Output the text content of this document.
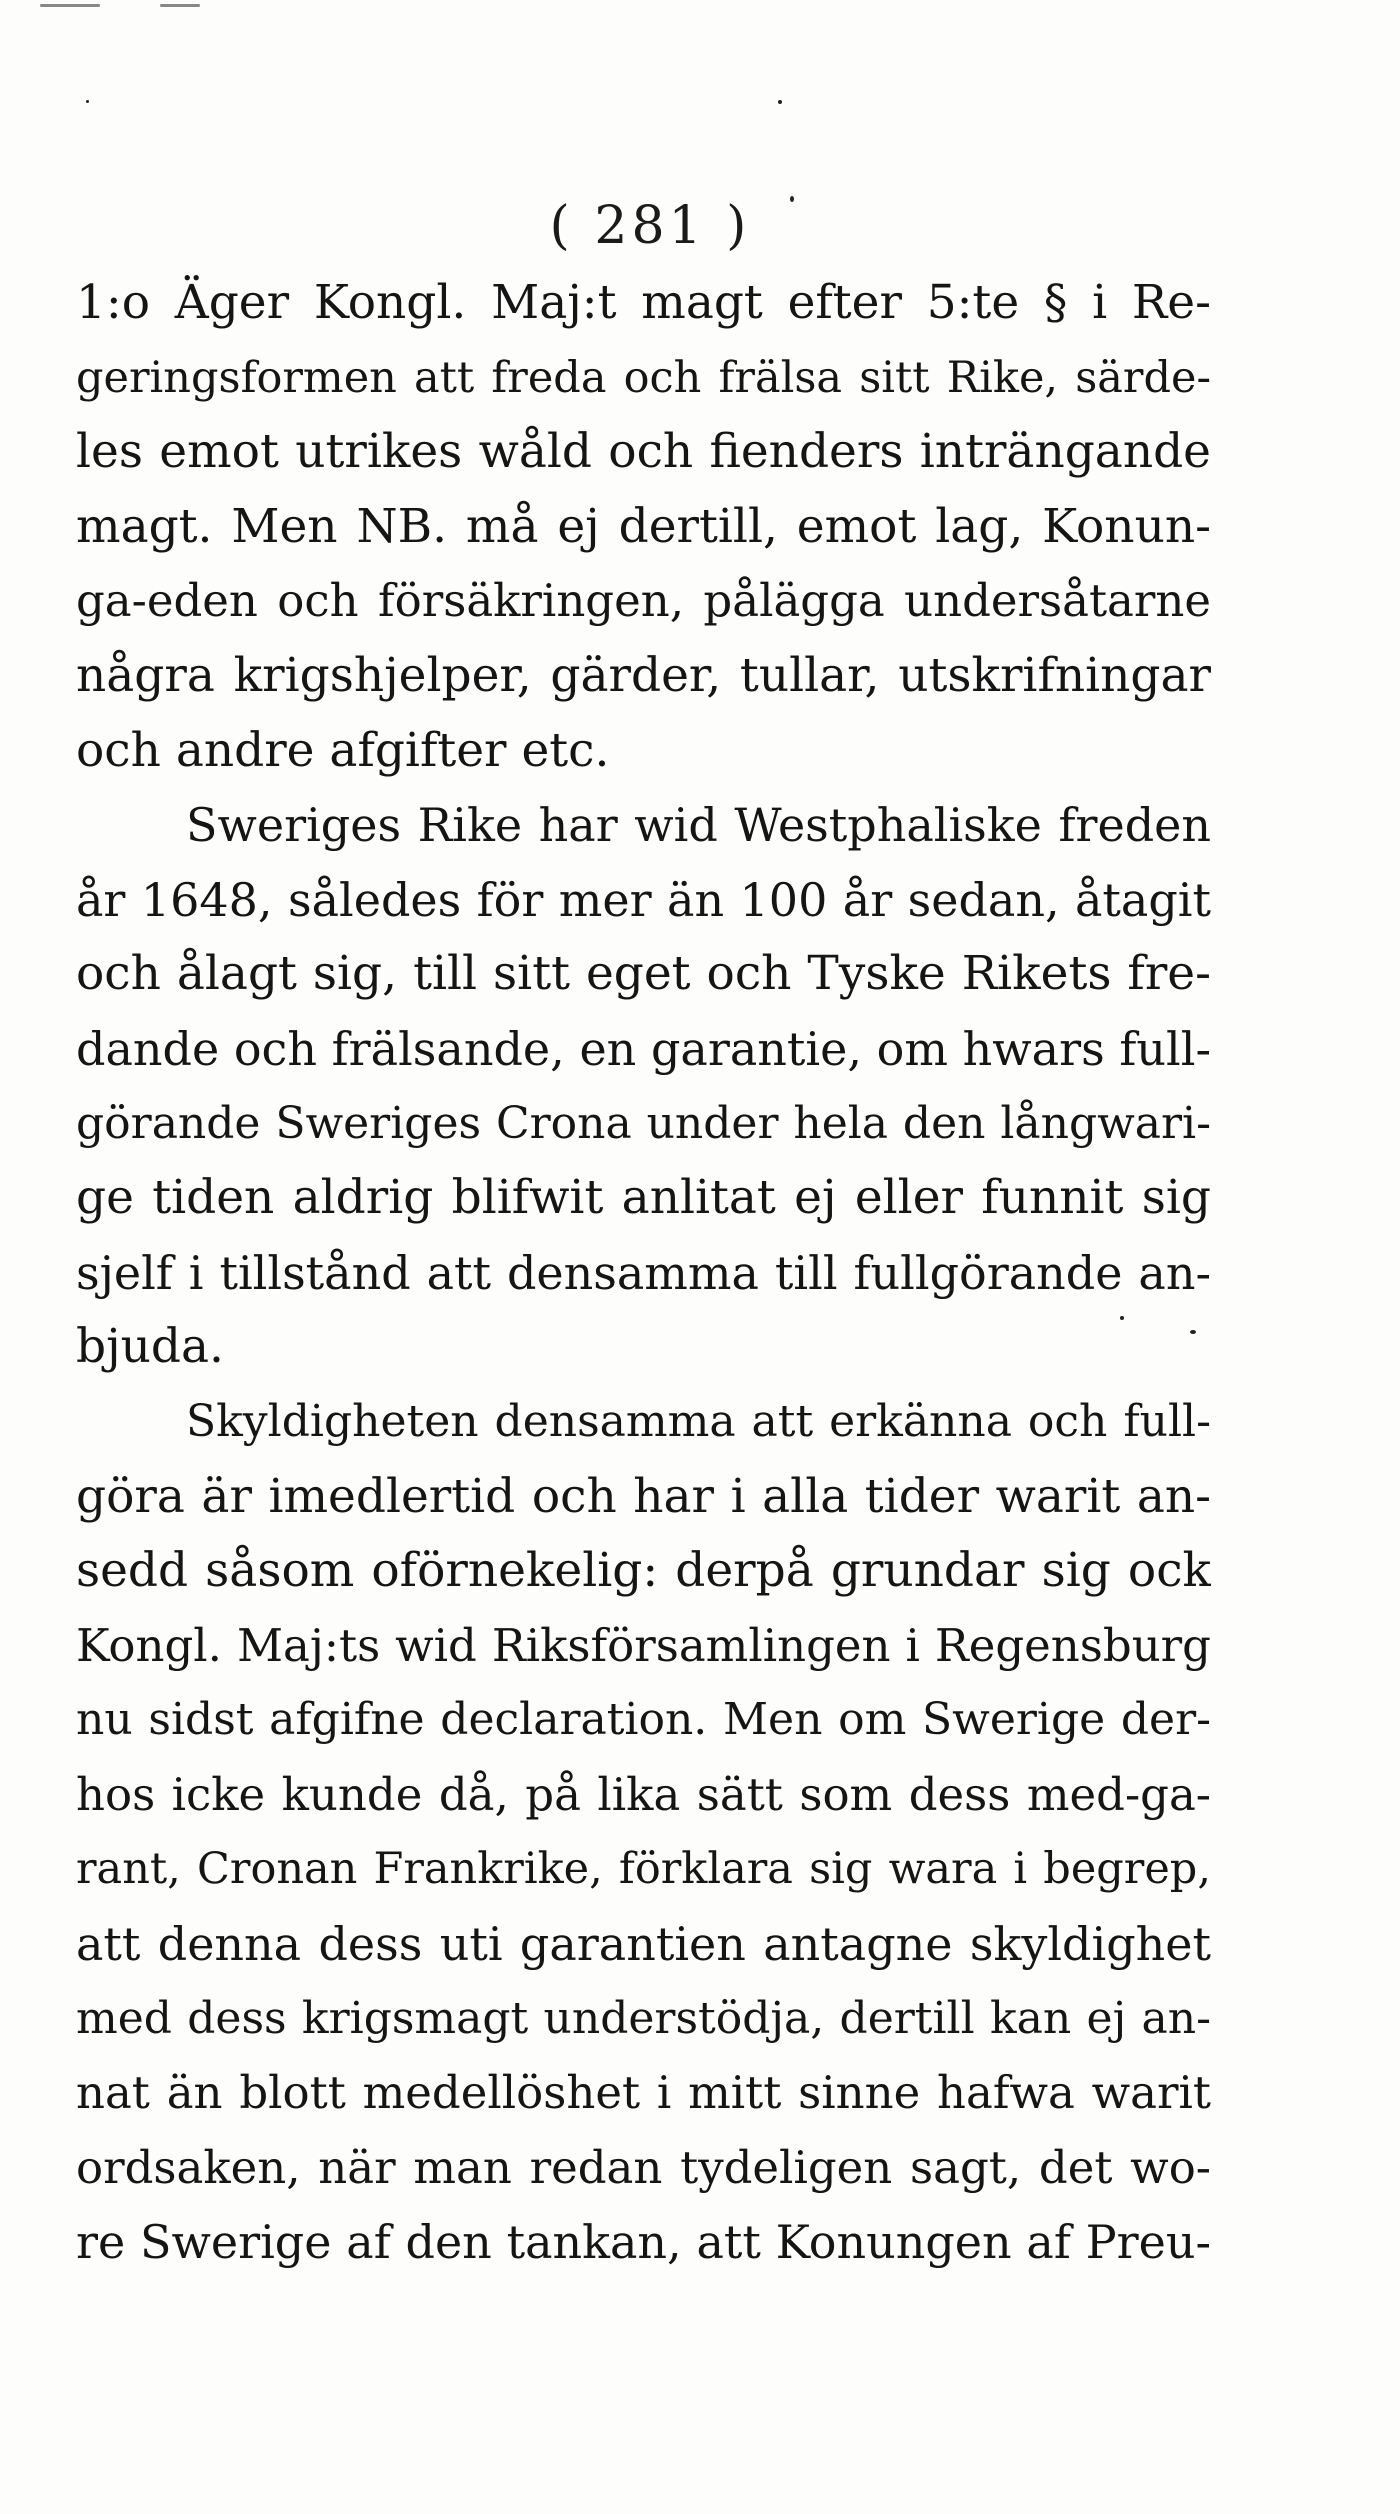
( 281 )
1:o Äger Kongl. Maj:t magt efter 5:te § i Re-
geringsformen att freda och frälsa sitt Rike, särde-
les emot utrikes wåld och fienders inträngande
magt. Men NB. må ej dertill, emot lag, Konun-
ga-eden och försäkringen, pålägga undersåtarne
några krigshjelper, gärder, tullar, utskrifningar
och andre afgifter etc.
Sweriges Rike har wid Westphaliske freden
år 1648, således för mer än 100 år sedan, åtagit
och ålagt sig, till sitt eget och Tyske Rikets fre-
dande och frälsande, en garantie, om hwars full-
görande Sweriges Crona under hela den långwari-
ge tiden aldrig blifwit anlitat ej eller funnit sig
sjelf i tillstånd att densamma till fullgörande an-
bjuda.
Skyldigheten densamma att erkänna och full-
göra är imedlertid och har i alla tider warit an-
sedd såsom oförnekelig: derpå grundar sig ock
Kongl. Maj:ts wid Riksförsamlingen i Regensburg
nu sidst afgifne declaration. Men om Swerige der-
hos icke kunde då, på lika sätt som dess med-ga-
rant, Cronan Frankrike, förklara sig wara i begrep,
att denna dess uti garantien antagne skyldighet
med dess krigsmagt understödja, dertill kan ej an-
nat än blott medellöshet i mitt sinne hafwa warit
ordsaken, när man redan tydeligen sagt, det wo-
re Swerige af den tankan, att Konungen af Preu-
